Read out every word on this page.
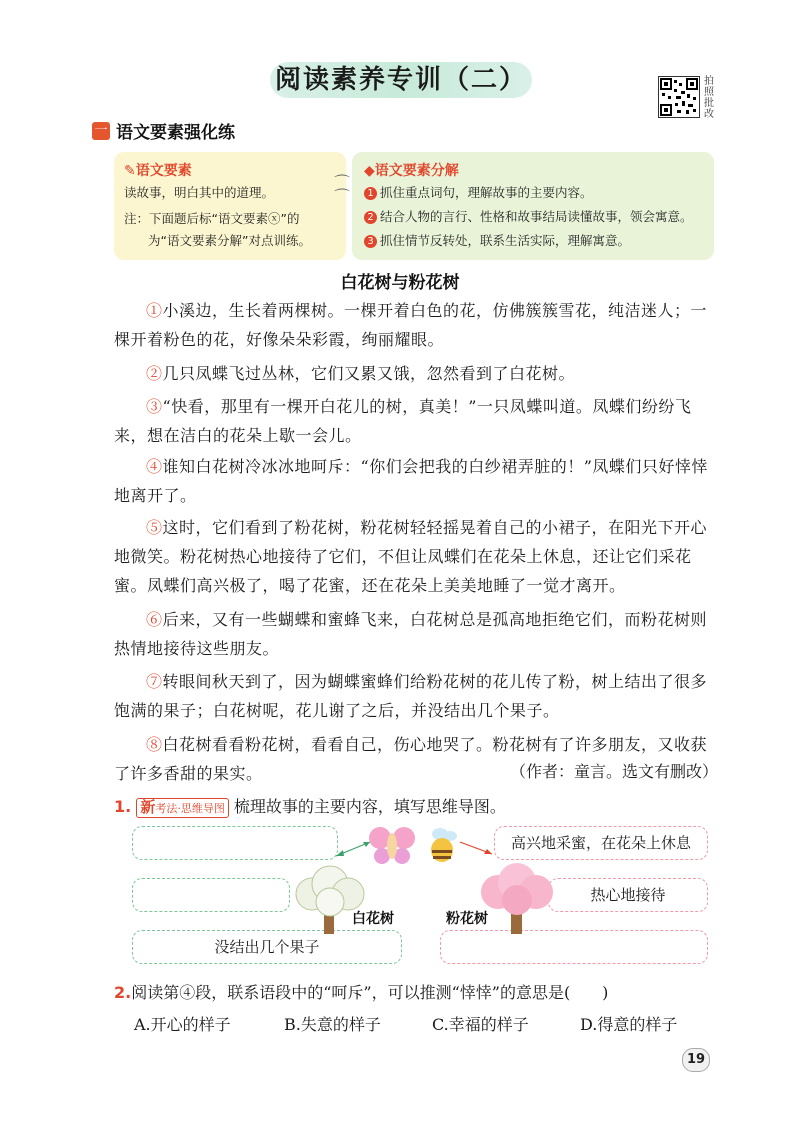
阅读素养专训（二）	拍照批改
一 语文要素强化练
✎语文要素
读故事，明白其中的道理。
注：下面题后标“语文要素ⓧ”的
为“语文要素分解”对点训练。
⌒
⌒
◆语文要素分解
1 抓住重点词句，理解故事的主要内容。
2 结合人物的言行、性格和故事结局读懂故事，领会寓意。
3 抓住情节反转处，联系生活实际，理解寓意。
白花树与粉花树
①小溪边，生长着两棵树。一棵开着白色的花，仿佛簇簇雪花，纯洁迷人；一棵开着粉色的花，好像朵朵彩霞，绚丽耀眼。
②几只凤蝶飞过丛林，它们又累又饿，忽然看到了白花树。
③“快看，那里有一棵开白花儿的树，真美！”一只凤蝶叫道。凤蝶们纷纷飞来，想在洁白的花朵上歇一会儿。
④谁知白花树冷冰冰地呵斥：“你们会把我的白纱裙弄脏的！”凤蝶们只好悻悻地离开了。
⑤这时，它们看到了粉花树，粉花树轻轻摇晃着自己的小裙子，在阳光下开心地微笑。粉花树热心地接待了它们，不但让凤蝶们在花朵上休息，还让它们采花蜜。凤蝶们高兴极了，喝了花蜜，还在花朵上美美地睡了一觉才离开。
⑥后来，又有一些蝴蝶和蜜蜂飞来，白花树总是孤高地拒绝它们，而粉花树则热情地接待这些朋友。
⑦转眼间秋天到了，因为蝴蝶蜜蜂们给粉花树的花儿传了粉，树上结出了很多饱满的果子；白花树呢，花儿谢了之后，并没结出几个果子。
⑧白花树看看粉花树，看看自己，伤心地哭了。粉花树有了许多朋友，又收获了许多香甜的果实。	（作者：童言。选文有删改）
1. 新考法·思维导图 梳理故事的主要内容，填写思维导图。
没结出几个果子
高兴地采蜜，在花朵上休息
热心地接待
白花树	粉花树
2.阅读第④段，联系语段中的“呵斥”，可以推测“悻悻”的意思是(　　)
A.开心的样子	B.失意的样子	C.幸福的样子	D.得意的样子
19
